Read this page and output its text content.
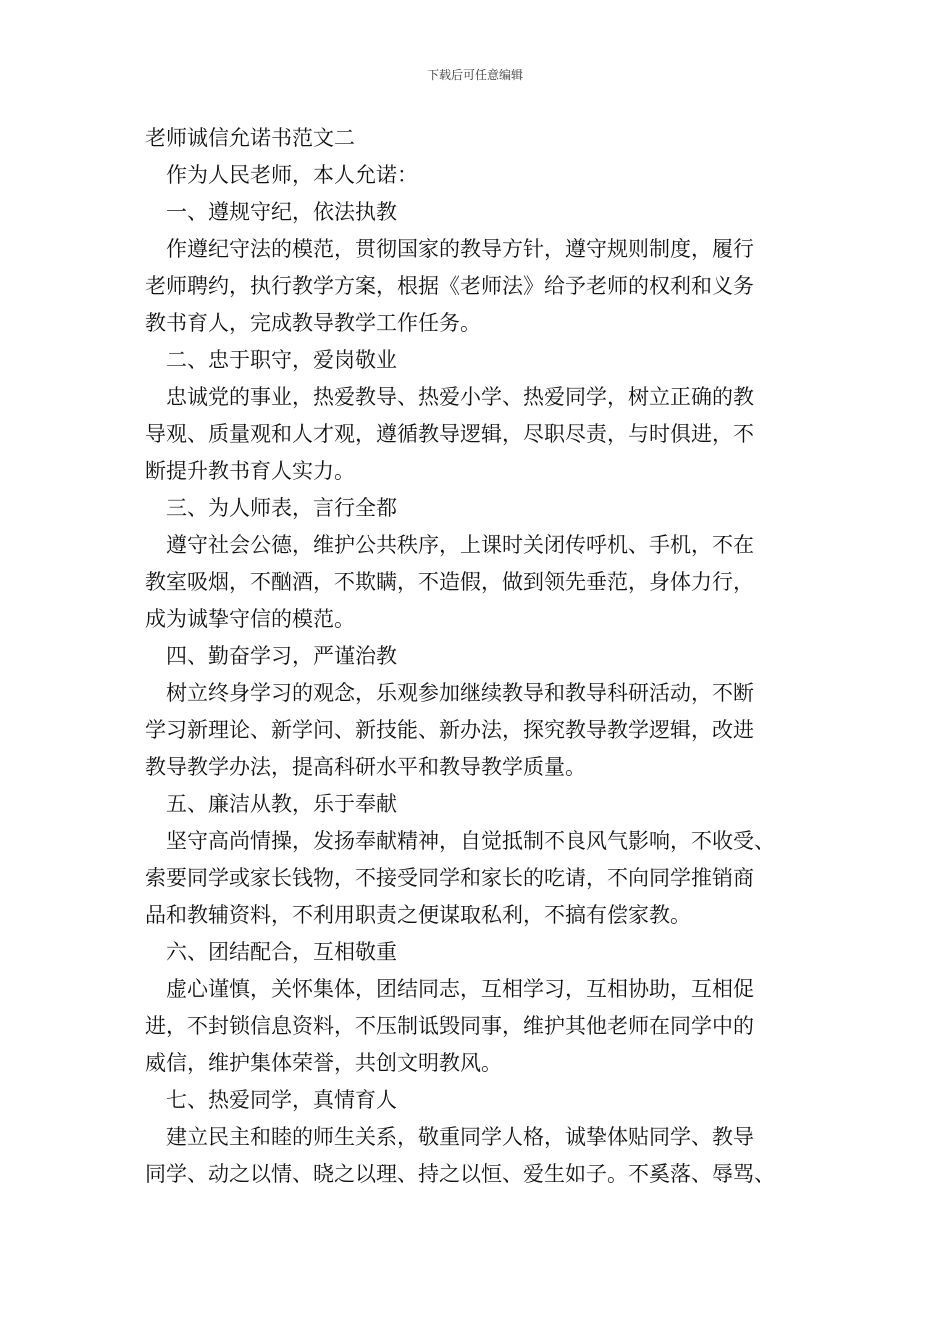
下载后可任意编辑
老师诚信允诺书范文二
作为人民老师，本人允诺：
一、遵规守纪，依法执教
作遵纪守法的模范，贯彻国家的教导方针，遵守规则制度，履行
老师聘约，执行教学方案，根据《老师法》给予老师的权利和义务
教书育人，完成教导教学工作任务。
二、忠于职守，爱岗敬业
忠诚党的事业，热爱教导、热爱小学、热爱同学，树立正确的教
导观、质量观和人才观，遵循教导逻辑，尽职尽责，与时俱进，不
断提升教书育人实力。
三、为人师表，言行全都
遵守社会公德，维护公共秩序，上课时关闭传呼机、手机，不在
教室吸烟，不酗酒，不欺瞒，不造假，做到领先垂范，身体力行，
成为诚挚守信的模范。
四、勤奋学习，严谨治教
树立终身学习的观念，乐观参加继续教导和教导科研活动，不断
学习新理论、新学问、新技能、新办法，探究教导教学逻辑，改进
教导教学办法，提高科研水平和教导教学质量。
五、廉洁从教，乐于奉献
坚守高尚情操，发扬奉献精神，自觉抵制不良风气影响，不收受、
索要同学或家长钱物，不接受同学和家长的吃请，不向同学推销商
品和教辅资料，不利用职责之便谋取私利，不搞有偿家教。
六、团结配合，互相敬重
虚心谨慎，关怀集体，团结同志，互相学习，互相协助，互相促
进，不封锁信息资料，不压制诋毁同事，维护其他老师在同学中的
威信，维护集体荣誉，共创文明教风。
七、热爱同学，真情育人
建立民主和睦的师生关系，敬重同学人格，诚挚体贴同学、教导
同学、动之以情、晓之以理、持之以恒、爱生如子。不奚落、辱骂、
